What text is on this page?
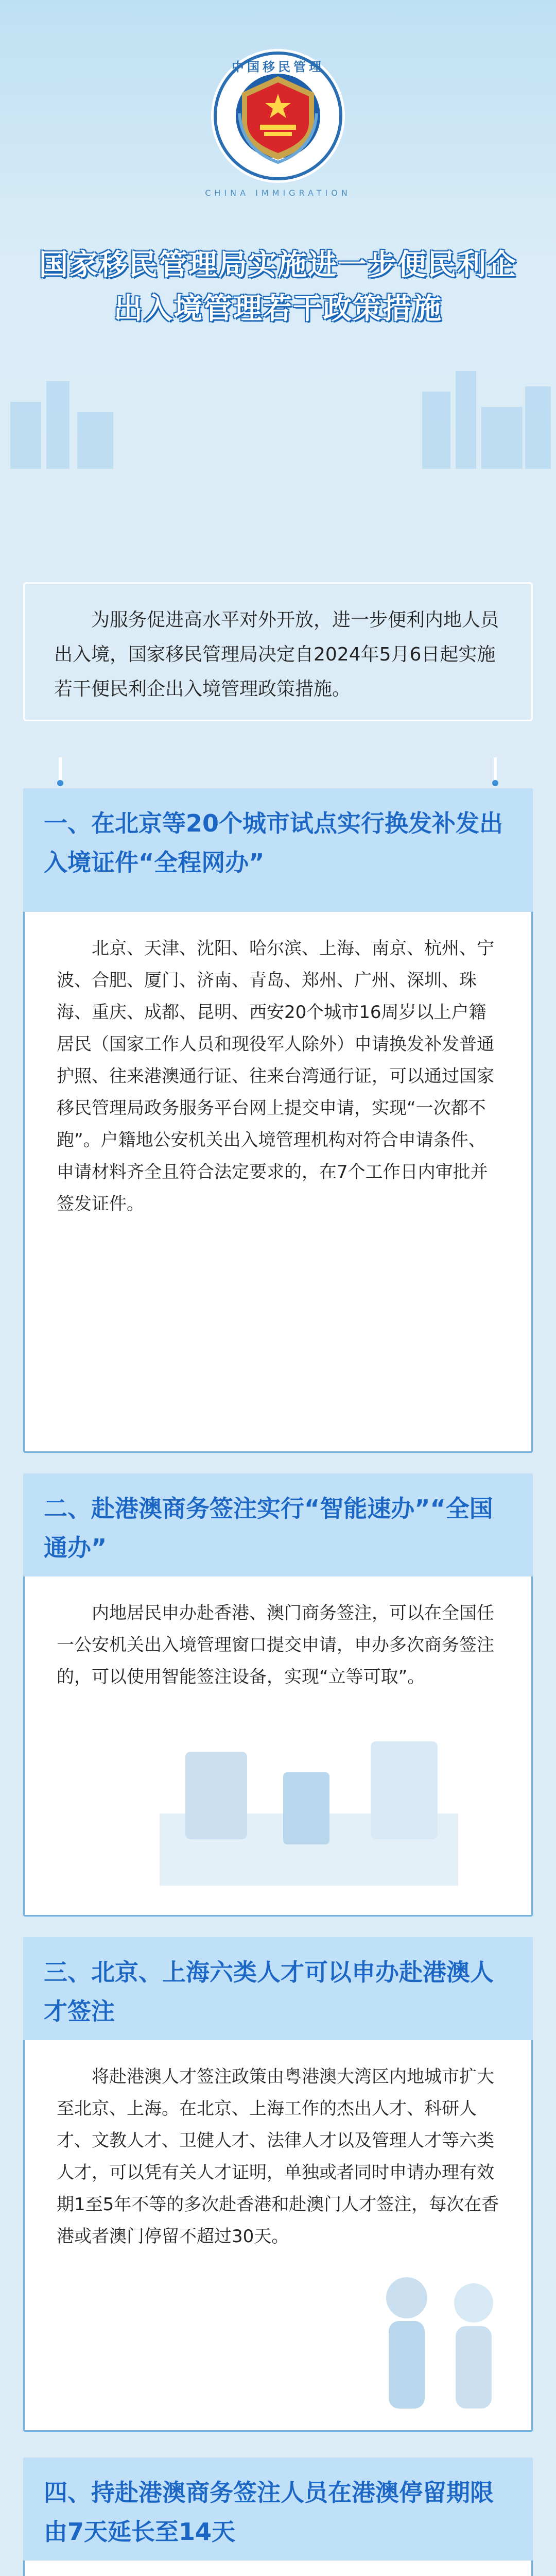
中国移民管理
CHINA IMMIGRATION
国家移民管理局实施进一步便民利企
出入境管理若干政策措施
为服务促进高水平对外开放，进一步便利内地人员出入境，国家移民管理局决定自2024年5月6日起实施若干便民利企出入境管理政策措施。
一、在北京等20个城市试点实行换发补发出入境证件“全程网办”
北京、天津、沈阳、哈尔滨、上海、南京、杭州、宁波、合肥、厦门、济南、青岛、郑州、广州、深圳、珠海、重庆、成都、昆明、西安20个城市16周岁以上户籍居民（国家工作人员和现役军人除外）申请换发补发普通护照、往来港澳通行证、往来台湾通行证，可以通过国家移民管理局政务服务平台网上提交申请，实现“一次都不跑”。户籍地公安机关出入境管理机构对符合申请条件、申请材料齐全且符合法定要求的，在7个工作日内审批并签发证件。
二、赴港澳商务签注实行“智能速办”“全国通办”
内地居民申办赴香港、澳门商务签注，可以在全国任一公安机关出入境管理窗口提交申请，申办多次商务签注的，可以使用智能签注设备，实现“立等可取”。
三、北京、上海六类人才可以申办赴港澳人才签注
将赴港澳人才签注政策由粤港澳大湾区内地城市扩大至北京、上海。在北京、上海工作的杰出人才、科研人才、文教人才、卫健人才、法律人才以及管理人才等六类人才，可以凭有关人才证明，单独或者同时申请办理有效期1至5年不等的多次赴香港和赴澳门人才签注，每次在香港或者澳门停留不超过30天。
四、持赴港澳商务签注人员在港澳停留期限由7天延长至14天
